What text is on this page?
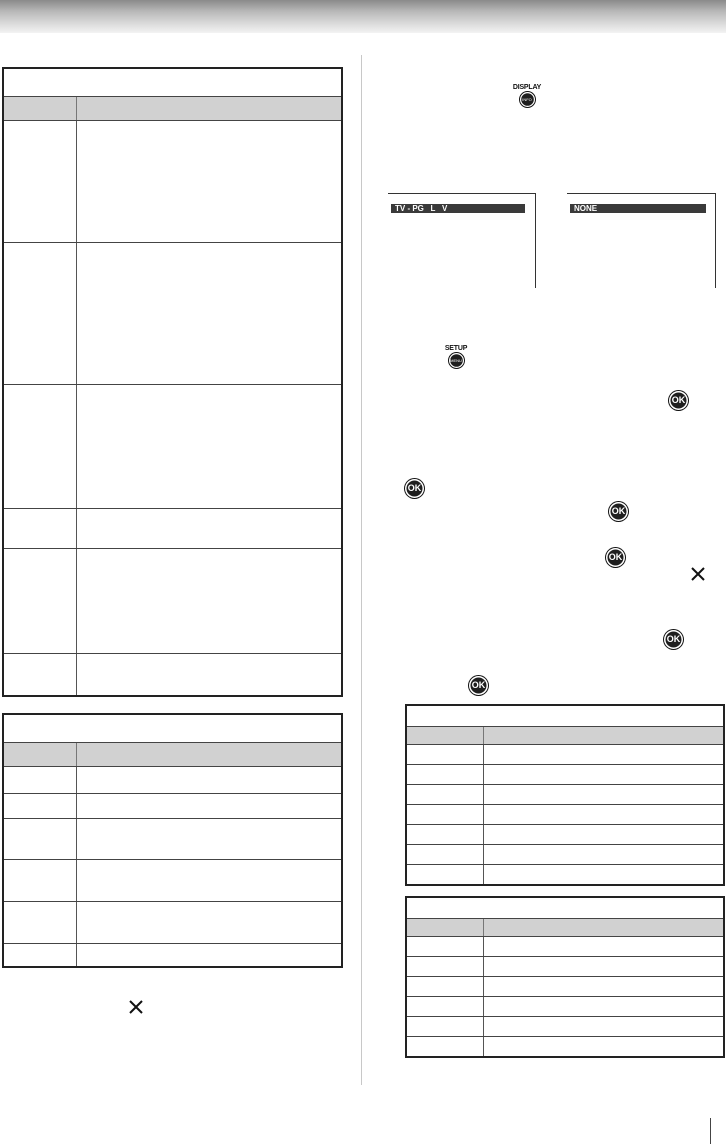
DISPLAY
INFO
TV - PG   L   V	NONE
SETUP
MENU
OK
OK
OK
OK
OK
OK
